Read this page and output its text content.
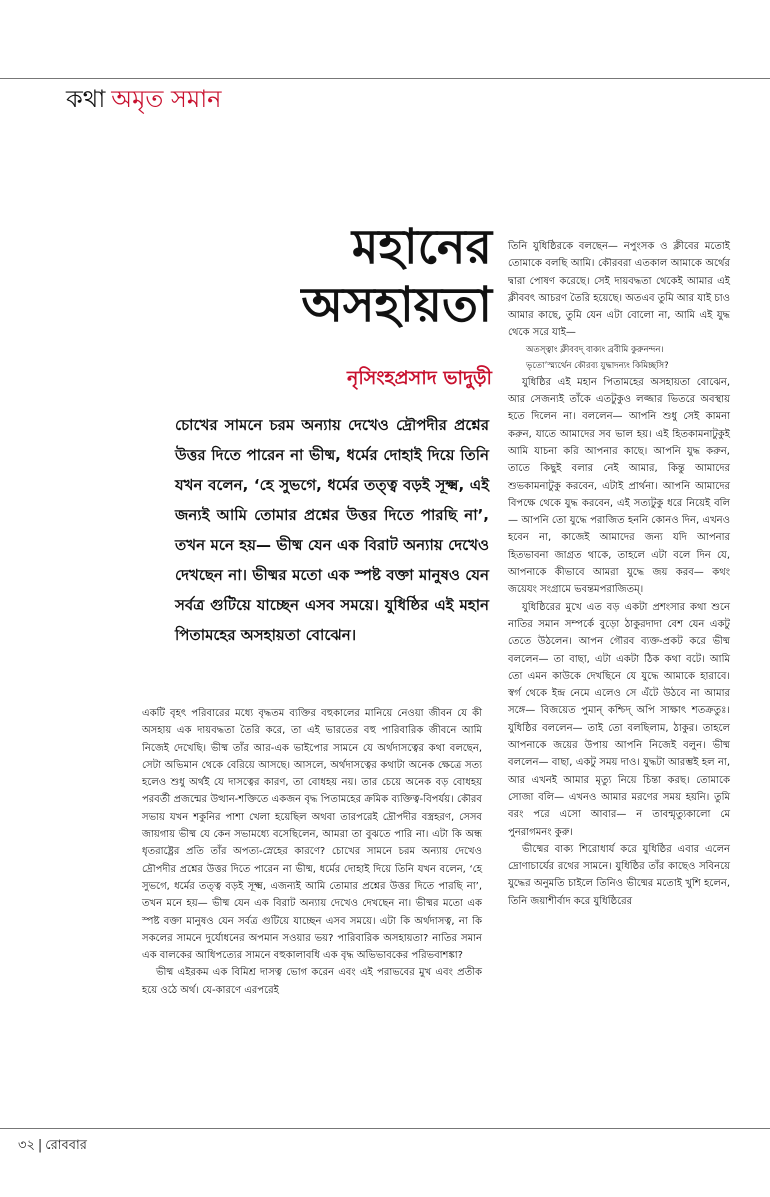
কথা অমৃত সমান
মহানের
অসহায়তা
নৃসিংহপ্রসাদ ভাদুড়ী
চোখের সামনে চরম অন্যায় দেখেও দ্রৌপদীর প্রশ্নের উত্তর দিতে পারেন না ভীষ্ম, ধর্মের দোহাই দিয়ে তিনি যখন বলেন, ‘হে সুভগে, ধর্মের তত্ত্ব বড়ই সূক্ষ্ম, এই জন্যই আমি তোমার প্রশ্নের উত্তর দিতে পারছি না’, তখন মনে হয়— ভীষ্ম যেন এক বিরাট অন্যায় দেখেও দেখছেন না। ভীষ্মর মতো এক স্পষ্ট বক্তা মানুষও যেন সর্বত্র গুটিয়ে যাচ্ছেন এসব সময়ে। যুধিষ্ঠির এই মহান পিতামহের অসহায়তা বোঝেন।

একটি বৃহৎ পরিবারের মধ্যে বৃদ্ধতম ব্যক্তির বহুকালের মানিয়ে নেওয়া জীবন যে কী অসহায় এক দায়বদ্ধতা তৈরি করে, তা এই ভারতের বহু পারিবারিক জীবনে আমি নিজেই দেখেছি। ভীষ্ম তাঁর আর-এক ভাইপোর সামনে যে অর্থদাসত্বের কথা বলছেন, সেটা অভিমান থেকে বেরিয়ে আসছে। আসলে, অর্থদাসত্বের কথাটা অনেক ক্ষেত্রে সত্য হলেও শুধু অর্থই যে দাসত্বের কারণ, তা বোধহয় নয়। তার চেয়ে অনেক বড় বোধহয় পরবর্তী প্রজন্মের উত্থান-শক্তিতে একজন বৃদ্ধ পিতামহের ক্রমিক ব্যক্তিত্ব-বিপর্যয়। কৌরব সভায় যখন শকুনির পাশা খেলা হয়েছিল অথবা তারপরেই দ্রৌপদীর বস্ত্রহরণ, সেসব জায়গায় ভীষ্ম যে কেন সভামধ্যে বসেছিলেন, আমরা তা বুঝতে পারি না। এটা কি অন্ধ ধৃতরাষ্ট্রের প্রতি তাঁর অপত্য-স্নেহের কারণে? চোখের সামনে চরম অন্যায় দেখেও দ্রৌপদীর প্রশ্নের উত্তর দিতে পারেন না ভীষ্ম, ধর্মের দোহাই দিয়ে তিনি যখন বলেন, ‘হে সুভগে, ধর্মের তত্ত্ব বড়ই সূক্ষ্ম, এজন্যই আমি তোমার প্রশ্নের উত্তর দিতে পারছি না’, তখন মনে হয়— ভীষ্ম যেন এক বিরাট অন্যায় দেখেও দেখছেন না। ভীষ্মর মতো এক স্পষ্ট বক্তা মানুষও যেন সর্বত্র গুটিয়ে যাচ্ছেন এসব সময়ে। এটা কি অর্থদাসত্ব, না কি সকলের সামনে দুর্যোধনের অপমান সওয়ার ভয়? পারিবারিক অসহায়তা? নাতির সমান এক বালকের আধিপত্যের সামনে বহুকালাবধি এক বৃদ্ধ অভিভাবকের পরিভবাশঙ্কা?

ভীষ্ম এইরকম এক বিমিশ্র দাসত্ব ভোগ করেন এবং এই পরাভবের মুখ এবং প্রতীক হয়ে ওঠে অর্থ। যে-কারণে এরপরেই

তিনি যুধিষ্ঠিরকে বলছেন— নপুংসক ও ক্লীবের মতোই তোমাকে বলছি আমি। কৌরবরা এতকাল আমাকে অর্থের দ্বারা পোষণ করেছে। সেই দায়বদ্ধতা থেকেই আমার এই ক্লীববৎ আচরণ তৈরি হয়েছে। অতএব তুমি আর যাই চাও আমার কাছে, তুমি যেন এটা বোলো না, আমি এই যুদ্ধ থেকে সরে যাই—

অতস্ত্বাং ক্লীববদ্‌ বাক্যং ব্রবীমি কুরুনন্দন।

ভৃতো’স্ম্যর্থেন কৌরব্য যুদ্ধাদন্যং কিমিচ্ছসি?

যুধিষ্ঠির এই মহান পিতামহের অসহায়তা বোঝেন, আর সেজন্যই তাঁকে এতটুকুও লজ্জার ভিতরে অবস্থায় হতে দিলেন না। বললেন— আপনি শুধু সেই কামনা করুন, যাতে আমাদের সব ভাল হয়। এই হিতকামনাটুকুই আমি যাচনা করি আপনার কাছে। আপনি যুদ্ধ করুন, তাতে কিছুই বলার নেই আমার, কিন্তু আমাদের শুভকামনাটুকু করবেন, এটাই প্রার্থনা। আপনি আমাদের বিপক্ষে থেকে যুদ্ধ করবেন, এই সত্যটুকু ধরে নিয়েই বলি— আপনি তো যুদ্ধে পরাজিত হননি কোনও দিন, এখনও হবেন না, কাজেই আমাদের জন্য যদি আপনার হিতভাবনা জাগ্রত থাকে, তাহলে এটা বলে দিন যে, আপনাকে কীভাবে আমরা যুদ্ধে জয় করব— কথং জয়েযং সংগ্রামে ভবন্তমপরাজিতম্‌।

যুধিষ্ঠিরের মুখে এত বড় একটা প্রশংসার কথা শুনে নাতির সমান সম্পর্কে বুড়ো ঠাকুরদাদা বেশ যেন একটু তেতে উঠলেন। আপন গৌরব ব্যক্ত-প্রকট করে ভীষ্ম বললেন— তা বাছা, এটা একটা ঠিক কথা বটে। আমি তো এমন কাউকে দেখছিনে যে যুদ্ধে আমাকে হারাবে। স্বর্গ থেকে ইন্দ্র নেমে এলেও সে এঁটে উঠবে না আমার সঙ্গে— বিজয়েত পুমান্‌ কশ্চিদ্‌ অপি সাক্ষাৎ শতক্রতুঃ। যুধিষ্ঠির বললেন— তাই তো বলছিলাম, ঠাকুর। তাহলে আপনাকে জয়ের উপায় আপনি নিজেই বলুন। ভীষ্ম বললেন— বাছা, একটু সময় দাও। যুদ্ধটা আরম্ভই হল না, আর এখনই আমার মৃত্যু নিয়ে চিন্তা করছ। তোমাকে সোজা বলি— এখনও আমার মরণের সময় হয়নি। তুমি বরং পরে এসো আবার— ন তাবন্মৃত্যুকালো মে পুনরাগমনং কুরু।

ভীষ্মের বাক্য শিরোধার্য করে যুধিষ্ঠির এবার এলেন দ্রোণাচার্যের রথের সামনে। যুধিষ্ঠির তাঁর কাছেও সবিনয়ে যুদ্ধের অনুমতি চাইলে তিনিও ভীষ্মের মতোই খুশি হলেন, তিনি জয়াশীর্বাদ করে যুধিষ্ঠিরের

৩২ | রোববার
